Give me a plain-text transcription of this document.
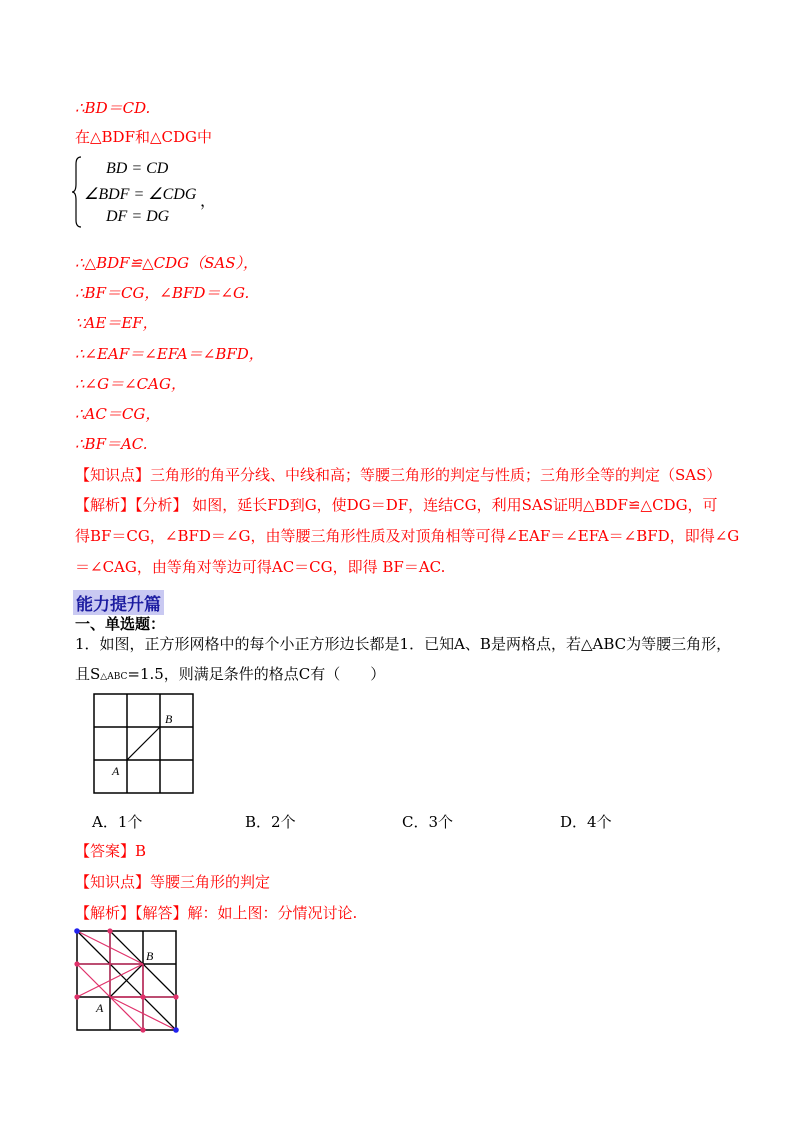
∴BD＝CD.
在△BDF和△CDG中
BD = CD
∠BDF = ∠CDG
DF = DG
，
∴△BDF≌△CDG（SAS），
∴BF＝CG，∠BFD＝∠G.
∵AE＝EF，
∴∠EAF＝∠EFA＝∠BFD，
∴∠G＝∠CAG，
∴AC＝CG，
∴BF＝AC.
【知识点】三角形的角平分线、中线和高；等腰三角形的判定与性质；三角形全等的判定（SAS）
【解析】【分析】 如图，延长FD到G，使DG＝DF，连结CG，利用SAS证明△BDF≌△CDG，可
得BF＝CG，∠BFD＝∠G，由等腰三角形性质及对顶角相等可得∠EAF＝∠EFA＝∠BFD，即得∠G
＝∠CAG，由等角对等边可得AC＝CG，即得 BF＝AC.
能力提升篇
一、单选题：
1．如图，正方形网格中的每个小正方形边长都是1．已知A、B是两格点，若△ABC为等腰三角形，
且S△ABC=1.5，则满足条件的格点C有（　　）
B
A
A．1个	B．2个	C．3个	D．4个
【答案】B
【知识点】等腰三角形的判定
【解析】【解答】解：如上图：分情况讨论.
B
A
